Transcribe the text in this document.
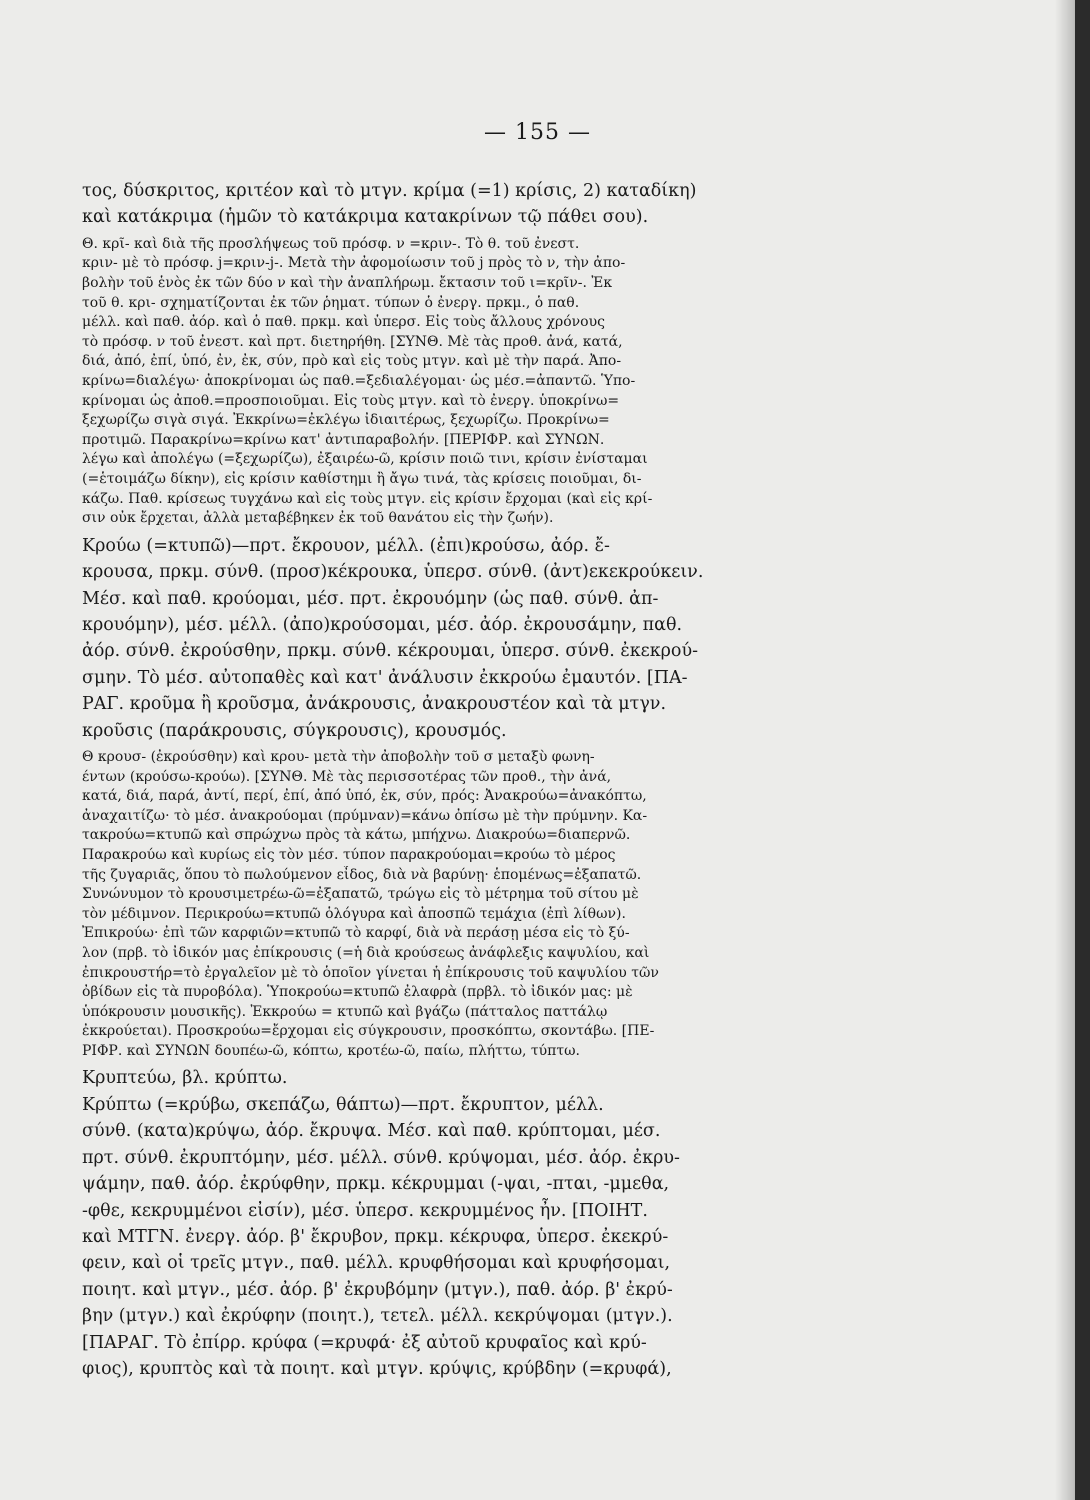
— 155 —
τος, δύσκριτος, κριτέον καὶ τὸ μτγν. κρίμα (=1) κρίσις, 2) καταδίκη)
καὶ κατάκριμα (ἡμῶν τὸ κατάκριμα κατακρίνων τῷ πάθει σου).
Θ. κρῖ- καὶ διὰ τῆς προσλήψεως τοῦ πρόσφ. ν =κριν-. Τὸ θ. τοῦ ἐνεστ.
κριν- μὲ τὸ πρόσφ. j=κριν-j-. Μετὰ τὴν ἀφομοίωσιν τοῦ j πρὸς τὸ ν, τὴν ἀπο-
βολὴν τοῦ ἑνὸς ἐκ τῶν δύο ν καὶ τὴν ἀναπλήρωμ. ἔκτασιν τοῦ ι=κρῖν-. Ἐκ
τοῦ θ. κρι- σχηματίζονται ἐκ τῶν ῥηματ. τύπων ὁ ἐνεργ. πρκμ., ὁ παθ.
μέλλ. καὶ παθ. ἀόρ. καὶ ὁ παθ. πρκμ. καὶ ὑπερσ. Εἰς τοὺς ἄλλους χρόνους
τὸ πρόσφ. ν τοῦ ἐνεστ. καὶ πρτ. διετηρήθη. [ΣΥΝΘ. Μὲ τὰς προθ. ἀνά, κατά,
διά, ἀπό, ἐπί, ὑπό, ἐν, ἐκ, σύν, πρὸ καὶ εἰς τοὺς μτγν. καὶ μὲ τὴν παρά. Ἀπο-
κρίνω=διαλέγω· ἀποκρίνομαι ὡς παθ.=ξεδιαλέγομαι· ὡς μέσ.=ἀπαντῶ. Ὑπο-
κρίνομαι ὡς ἀποθ.=προσποιοῦμαι. Εἰς τοὺς μτγν. καὶ τὸ ἐνεργ. ὑποκρίνω=
ξεχωρίζω σιγὰ σιγά. Ἐκκρίνω=ἐκλέγω ἰδιαιτέρως, ξεχωρίζω. Προκρίνω=
προτιμῶ. Παρακρίνω=κρίνω κατ' ἀντιπαραβολήν. [ΠΕΡΙΦΡ. καὶ ΣΥΝΩΝ.
λέγω καὶ ἀπολέγω (=ξεχωρίζω), ἐξαιρέω-ῶ, κρίσιν ποιῶ τινι, κρίσιν ἐνίσταμαι
(=ἑτοιμάζω δίκην), εἰς κρίσιν καθίστημι ἢ ἄγω τινά, τὰς κρίσεις ποιοῦμαι, δι-
κάζω. Παθ. κρίσεως τυγχάνω καὶ εἰς τοὺς μτγν. εἰς κρίσιν ἔρχομαι (καὶ εἰς κρί-
σιν οὐκ ἔρχεται, ἀλλὰ μεταβέβηκεν ἐκ τοῦ θανάτου εἰς τὴν ζωήν).
Κρούω (=κτυπῶ)—πρτ. ἔκρουον, μέλλ. (ἐπι)κρούσω, ἀόρ. ἔ-
κρουσα, πρκμ. σύνθ. (προσ)κέκρουκα, ὑπερσ. σύνθ. (ἀντ)εκεκρούκειν.
Μέσ. καὶ παθ. κρούομαι, μέσ. πρτ. ἐκρουόμην (ὡς παθ. σύνθ. ἀπ-
κρουόμην), μέσ. μέλλ. (ἀπο)κρούσομαι, μέσ. ἀόρ. ἐκρουσάμην, παθ.
ἀόρ. σύνθ. ἐκρούσθην, πρκμ. σύνθ. κέκρουμαι, ὑπερσ. σύνθ. ἐκεκρού-
σμην. Τὸ μέσ. αὐτοπαθὲς καὶ κατ' ἀνάλυσιν ἐκκρούω ἐμαυτόν. [ΠΑ-
ΡΑΓ. κροῦμα ἢ κροῦσμα, ἀνάκρουσις, ἀνακρουστέον καὶ τὰ μτγν.
κροῦσις (παράκρουσις, σύγκρουσις), κρουσμός.
Θ κρουσ- (ἐκρούσθην) καὶ κρου- μετὰ τὴν ἀποβολὴν τοῦ σ μεταξὺ φωνη-
έντων (κρούσω-κρούω). [ΣΥΝΘ. Μὲ τὰς περισσοτέρας τῶν προθ., τὴν ἀνά,
κατά, διά, παρά, ἀντί, περί, ἐπί, ἀπό ὑπό, ἐκ, σύν, πρός: Ἀνακρούω=ἀνακόπτω,
ἀναχαιτίζω· τὸ μέσ. ἀνακρούομαι (πρύμναν)=κάνω ὀπίσω μὲ τὴν πρύμνην. Κα-
τακρούω=κτυπῶ καὶ σπρώχνω πρὸς τὰ κάτω, μπήχνω. Διακρούω=διαπερνῶ.
Παρακρούω καὶ κυρίως εἰς τὸν μέσ. τύπον παρακρούομαι=κρούω τὸ μέρος
τῆς ζυγαριᾶς, ὅπου τὸ πωλούμενον εἶδος, διὰ νὰ βαρύνῃ· ἑπομένως=ἐξαπατῶ.
Συνώνυμον τὸ κρουσιμετρέω-ῶ=ἐξαπατῶ, τρώγω εἰς τὸ μέτρημα τοῦ σίτου μὲ
τὸν μέδιμνον. Περικρούω=κτυπῶ ὁλόγυρα καὶ ἀποσπῶ τεμάχια (ἐπὶ λίθων).
Ἐπικρούω· ἐπὶ τῶν καρφιῶν=κτυπῶ τὸ καρφί, διὰ νὰ περάσῃ μέσα εἰς τὸ ξύ-
λον (πρβ. τὸ ἰδικόν μας ἐπίκρουσις (=ἡ διὰ κρούσεως ἀνάφλεξις καψυλίου, καὶ
ἐπικρουστήρ=τὸ ἐργαλεῖον μὲ τὸ ὁποῖον γίνεται ἡ ἐπίκρουσις τοῦ καψυλίου τῶν
ὀβίδων εἰς τὰ πυροβόλα). Ὑποκρούω=κτυπῶ ἐλαφρὰ (πρβλ. τὸ ἰδικόν μας: μὲ
ὑπόκρουσιν μουσικῆς). Ἐκκρούω = κτυπῶ καὶ βγάζω (πάτταλος παττάλῳ
ἐκκρούεται). Προσκρούω=ἔρχομαι εἰς σύγκρουσιν, προσκόπτω, σκοντάβω. [ΠΕ-
ΡΙΦΡ. καὶ ΣΥΝΩΝ δουπέω-ῶ, κόπτω, κροτέω-ῶ, παίω, πλήττω, τύπτω.
Κρυπτεύω, βλ. κρύπτω.
Κρύπτω (=κρύβω, σκεπάζω, θάπτω)—πρτ. ἔκρυπτον, μέλλ.
σύνθ. (κατα)κρύψω, ἀόρ. ἔκρυψα. Μέσ. καὶ παθ. κρύπτομαι, μέσ.
πρτ. σύνθ. ἐκρυπτόμην, μέσ. μέλλ. σύνθ. κρύψομαι, μέσ. ἀόρ. ἐκρυ-
ψάμην, παθ. ἀόρ. ἐκρύφθην, πρκμ. κέκρυμμαι (-ψαι, -πται, -μμεθα,
-φθε, κεκρυμμένοι εἰσίν), μέσ. ὑπερσ. κεκρυμμένος ἦν. [ΠΟΙΗΤ.
καὶ ΜΤΓΝ. ἐνεργ. ἀόρ. β' ἔκρυβον, πρκμ. κέκρυφα, ὑπερσ. ἐκεκρύ-
φειν, καὶ οἱ τρεῖς μτγν., παθ. μέλλ. κρυφθήσομαι καὶ κρυφήσομαι,
ποιητ. καὶ μτγν., μέσ. ἀόρ. β' ἐκρυβόμην (μτγν.), παθ. ἀόρ. β' ἐκρύ-
βην (μτγν.) καὶ ἐκρύφην (ποιητ.), τετελ. μέλλ. κεκρύψομαι (μτγν.).
[ΠΑΡΑΓ. Τὸ ἐπίρρ. κρύφα (=κρυφά· ἐξ αὐτοῦ κρυφαῖος καὶ κρύ-
φιος), κρυπτὸς καὶ τὰ ποιητ. καὶ μτγν. κρύψις, κρύβδην (=κρυφά),
